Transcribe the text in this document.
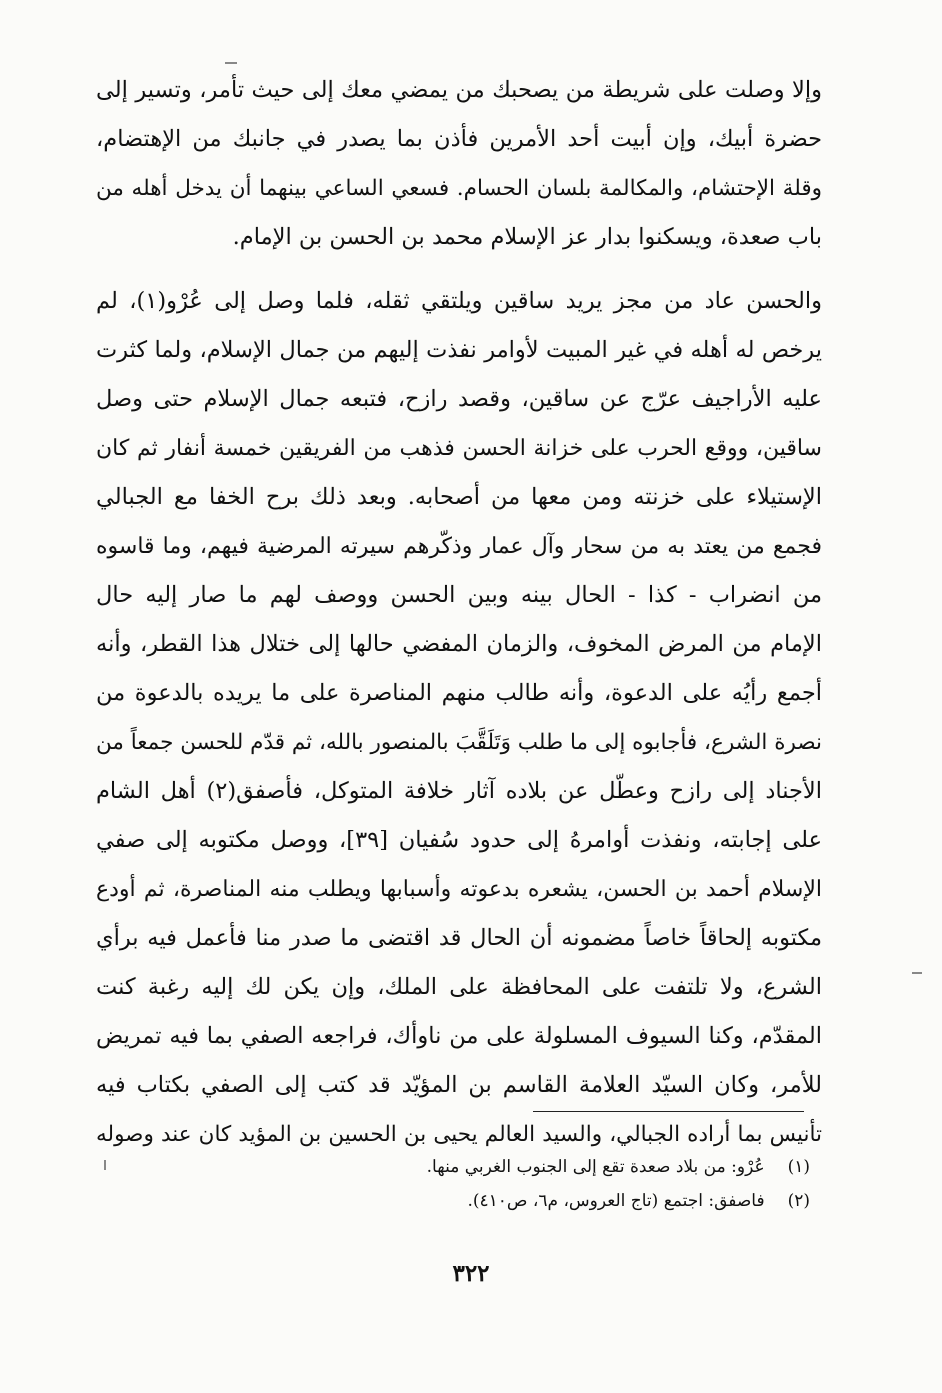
وإلا وصلت على شريطة من يصحبك من يمضي معك إلى حيث تأمر، وتسير إلى
حضرة أبيك، وإن أبيت أحد الأمرين فأذن بما يصدر في جانبك من الإهتضام،
وقلة الإحتشام، والمكالمة بلسان الحسام. فسعي الساعي بينهما أن يدخل أهله من
باب صعدة، ويسكنوا بدار عز الإسلام محمد بن الحسن بن الإمام.
والحسن عاد من مجز يريد ساقين ويلتقي ثقله، فلما وصل إلى عُرْو(١)، لم
يرخص له أهله في غير المبيت لأوامر نفذت إليهم من جمال الإسلام، ولما كثرت
عليه الأراجيف عرّج عن ساقين، وقصد رازح، فتبعه جمال الإسلام حتى وصل
ساقين، ووقع الحرب على خزانة الحسن فذهب من الفريقين خمسة أنفار ثم كان
الإستيلاء على خزنته ومن معها من أصحابه. وبعد ذلك برح الخفا مع الجبالي
فجمع من يعتد به من سحار وآل عمار وذكّرهم سيرته المرضية فيهم، وما قاسوه
من انضراب - كذا - الحال بينه وبين الحسن ووصف لهم ما صار إليه حال
الإمام من المرض المخوف، والزمان المفضي حالها إلى ختلال هذا القطر، وأنه
أجمع رأيُه على الدعوة، وأنه طالب منهم المناصرة على ما يريده بالدعوة من
نصرة الشرع، فأجابوه إلى ما طلب وَتَلَقَّبَ بالمنصور بالله، ثم قدّم للحسن جمعاً من
الأجناد إلى رازح وعطّل عن بلاده آثار خلافة المتوكل، فأصفق(٢) أهل الشام
على إجابته، ونفذت أوامرهُ إلى حدود سُفيان [٣٩]، ووصل مكتوبه إلى صفي
الإسلام أحمد بن الحسن، يشعره بدعوته وأسبابها ويطلب منه المناصرة، ثم أودع
مكتوبه إلحاقاً خاصاً مضمونه أن الحال قد اقتضى ما صدر منا فأعمل فيه برأي
الشرع، ولا تلتفت على المحافظة على الملك، وإن يكن لك إليه رغبة كنت
المقدّم، وكنا السيوف المسلولة على من ناوأك، فراجعه الصفي بما فيه تمريض
للأمر، وكان السيّد العلامة القاسم بن المؤيّد قد كتب إلى الصفي بكتاب فيه
تأنيس بما أراده الجبالي، والسيد العالم يحيى بن الحسين بن المؤيد كان عند وصوله
(١) عُرْو: من بلاد صعدة تقع إلى الجنوب الغربي منها.
(٢) فاصفق: اجتمع (تاج العروس، م٦، ص٤١٠).
٣٢٢
